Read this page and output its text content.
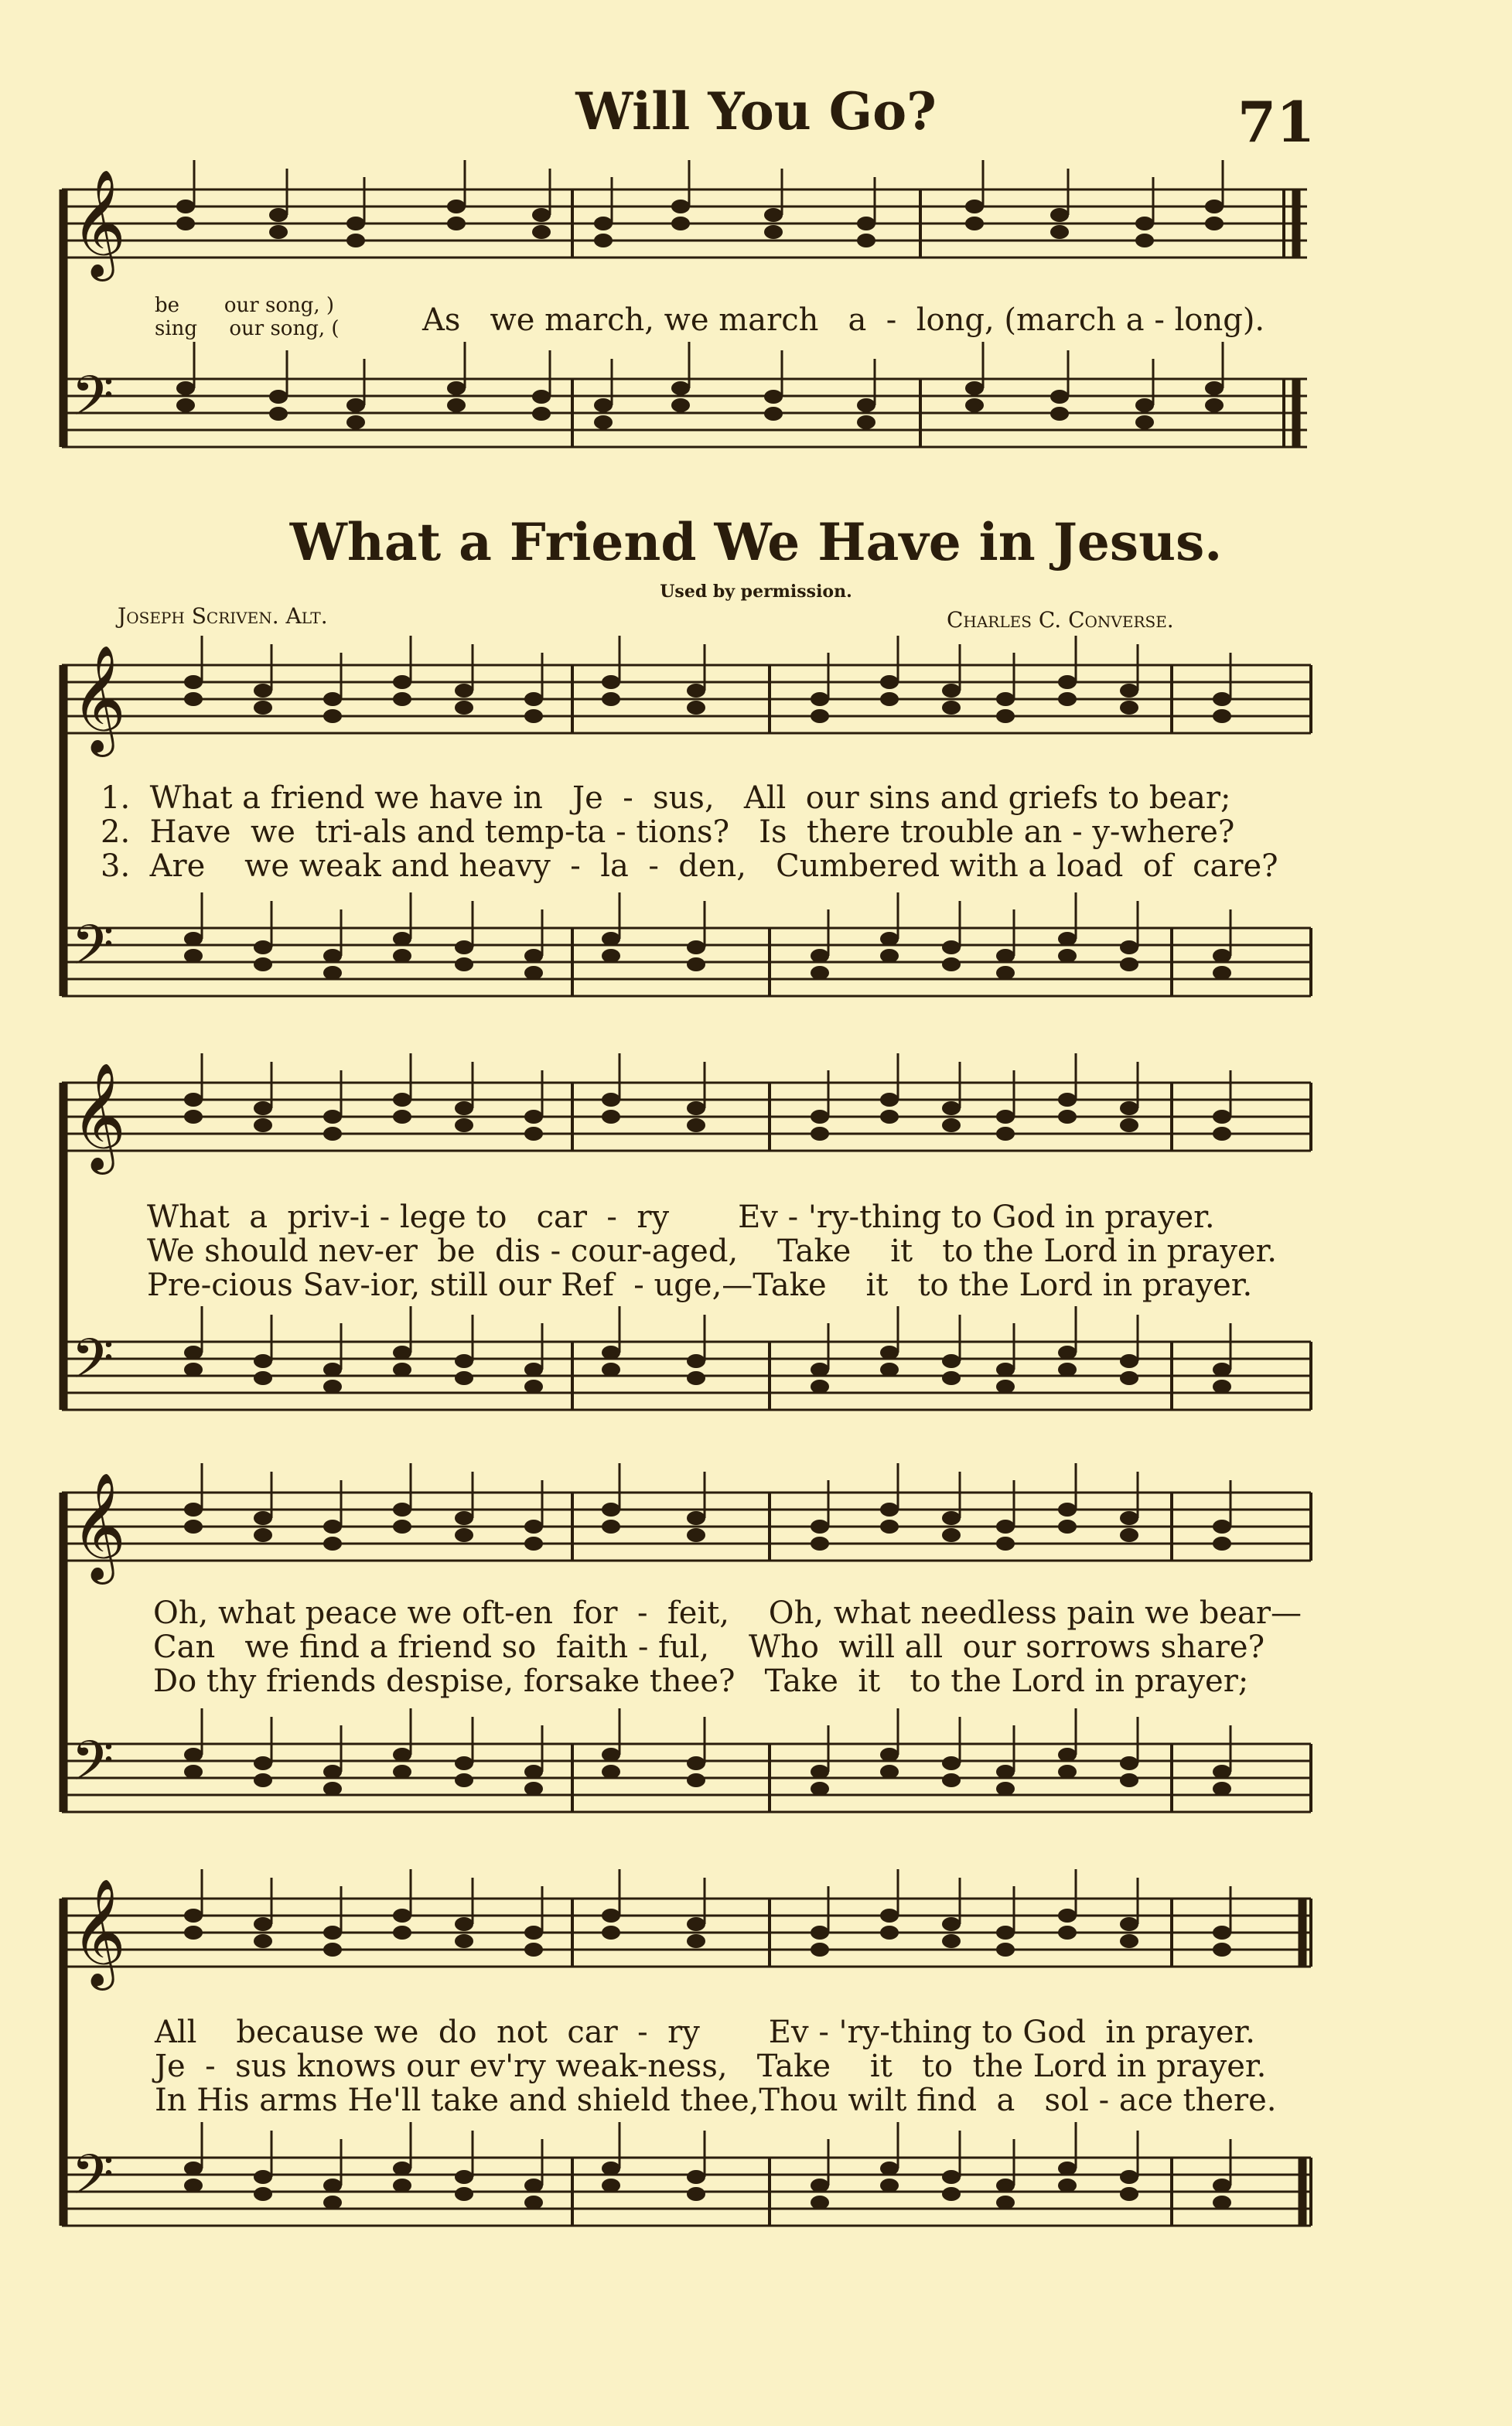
Will You Go?	71
𝄞
𝄢
𝄞
𝄢
𝄞
𝄢
𝄞
𝄢
𝄞
𝄢
be       our song, )
sing     our song, (	As   we march, we march   a  -  long, (march a - long).
What a Friend We Have in Jesus.
Used by permission.
Joseph Scriven. Alt.	Charles C. Converse.
1.  What a friend we have in   Je  -  sus,   All  our sins and griefs to bear;
2.  Have  we  tri-als and temp-ta - tions?   Is  there trouble an - y-where?
3.  Are    we weak and heavy  -  la  -  den,   Cumbered with a load  of  care?
What  a  priv-i - lege to   car  -  ry       Ev - 'ry-thing to God in prayer.
We should nev-er  be  dis - cour-aged,    Take    it   to the Lord in prayer.
Pre-cious Sav-ior, still our Ref  - uge,—Take    it   to the Lord in prayer.
Oh, what peace we oft-en  for  -  feit,    Oh, what needless pain we bear—
Can   we find a friend so  faith - ful,    Who  will all  our sorrows share?
Do thy friends despise, forsake thee?   Take  it   to the Lord in prayer;
All    because we  do  not  car  -  ry       Ev - 'ry-thing to God  in prayer.
Je  -  sus knows our ev'ry weak-ness,   Take    it   to  the Lord in prayer.
In His arms He'll take and shield thee,Thou wilt find  a   sol - ace there.
